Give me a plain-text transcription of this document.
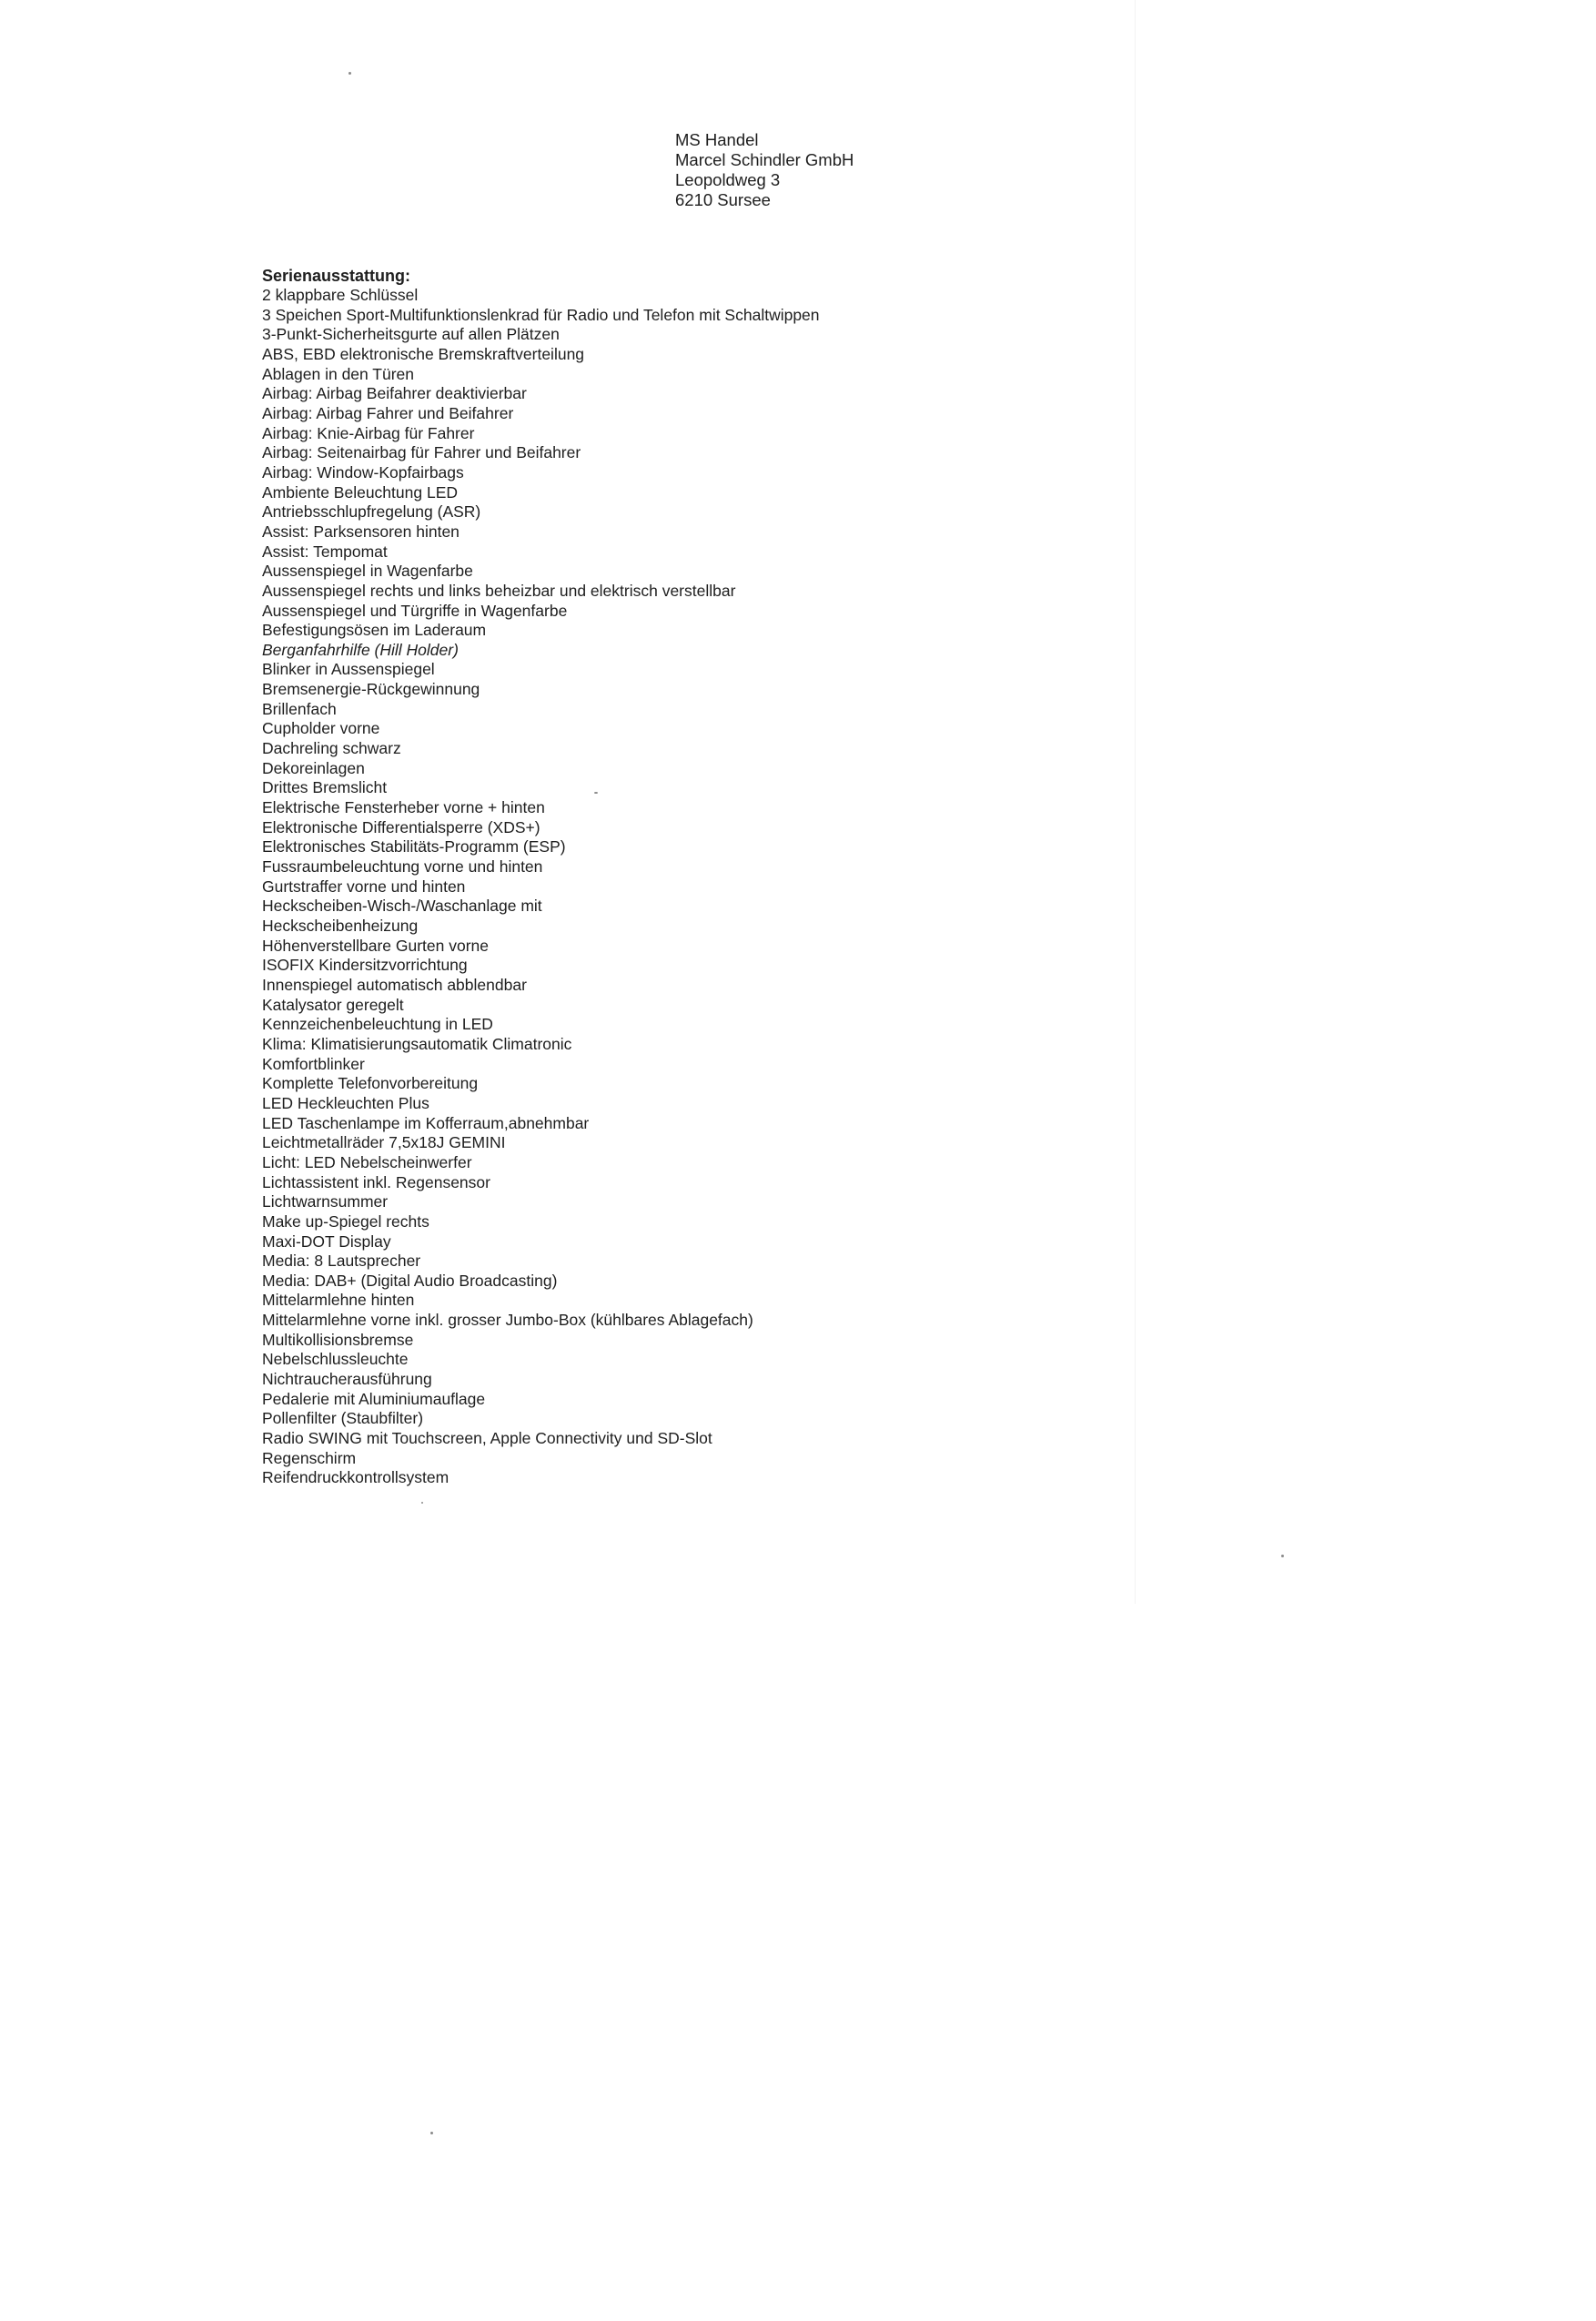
MS Handel
Marcel Schindler GmbH
Leopoldweg 3
6210 Sursee

Serienausstattung:

2 klappbare Schlüssel
3 Speichen Sport-Multifunktionslenkrad für Radio und Telefon mit Schaltwippen
3-Punkt-Sicherheitsgurte auf allen Plätzen
ABS, EBD elektronische Bremskraftverteilung
Ablagen in den Türen
Airbag: Airbag Beifahrer deaktivierbar
Airbag: Airbag Fahrer und Beifahrer
Airbag: Knie-Airbag für Fahrer
Airbag: Seitenairbag für Fahrer und Beifahrer
Airbag: Window-Kopfairbags
Ambiente Beleuchtung LED
Antriebsschlupfregelung (ASR)
Assist: Parksensoren hinten
Assist: Tempomat
Aussenspiegel in Wagenfarbe
Aussenspiegel rechts und links beheizbar und elektrisch verstellbar
Aussenspiegel und Türgriffe in Wagenfarbe
Befestigungsösen im Laderaum
Berganfahrhilfe (Hill Holder)
Blinker in Aussenspiegel
Bremsenergie-Rückgewinnung
Brillenfach
Cupholder vorne
Dachreling schwarz
Dekoreinlagen
Drittes Bremslicht
Elektrische Fensterheber vorne + hinten
Elektronische Differentialsperre (XDS+)
Elektronisches Stabilitäts-Programm (ESP)
Fussraumbeleuchtung vorne und hinten
Gurtstraffer vorne und hinten
Heckscheiben-Wisch-/Waschanlage mit
Heckscheibenheizung
Höhenverstellbare Gurten vorne
ISOFIX Kindersitzvorrichtung
Innenspiegel automatisch abblendbar
Katalysator geregelt
Kennzeichenbeleuchtung in LED
Klima: Klimatisierungsautomatik Climatronic
Komfortblinker
Komplette Telefonvorbereitung
LED Heckleuchten Plus
LED Taschenlampe im Kofferraum,abnehmbar
Leichtmetallräder 7,5x18J GEMINI
Licht: LED Nebelscheinwerfer
Lichtassistent inkl. Regensensor
Lichtwarnsummer
Make up-Spiegel rechts
Maxi-DOT Display
Media: 8 Lautsprecher
Media: DAB+ (Digital Audio Broadcasting)
Mittelarmlehne hinten
Mittelarmlehne vorne inkl. grosser Jumbo-Box (kühlbares Ablagefach)
Multikollisionsbremse
Nebelschlussleuchte
Nichtraucherausführung
Pedalerie mit Aluminiumauflage
Pollenfilter (Staubfilter)
Radio SWING mit Touchscreen, Apple Connectivity und SD-Slot
Regenschirm
Reifendruckkontrollsystem
